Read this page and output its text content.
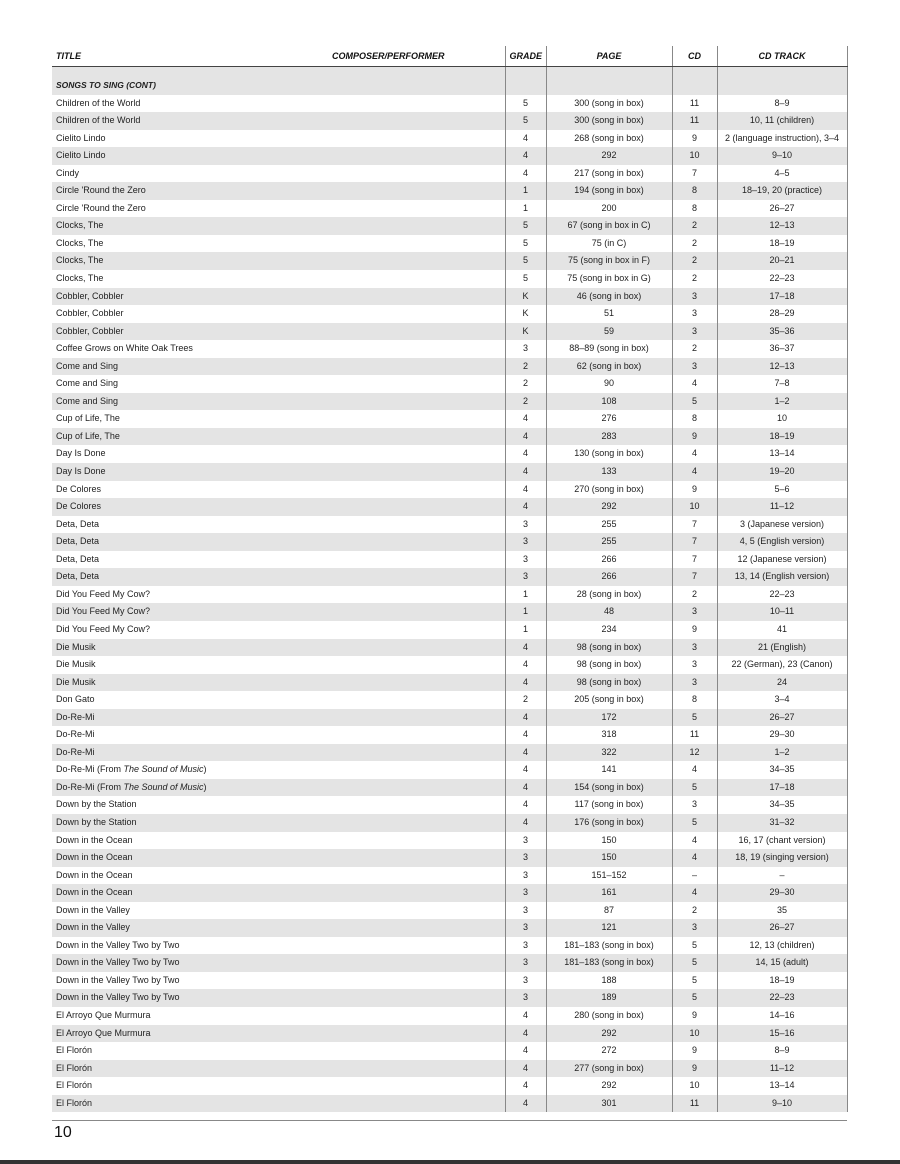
TITLE COMPOSER/PERFORMER	GRADE	PAGE	CD	CD TRACK

SONGS TO SING (CONT)				
Children of the World	5	300 (song in box)	11	8–9
Children of the World	5	300 (song in box)	11	10, 11 (children)
Cielito Lindo	4	268 (song in box)	9	2 (language instruction), 3–4
Cielito Lindo	4	292	10	9–10
Cindy	4	217 (song in box)	7	4–5
Circle 'Round the Zero	1	194 (song in box)	8	18–19, 20 (practice)
Circle 'Round the Zero	1	200	8	26–27
Clocks, The	5	67 (song in box in C)	2	12–13
Clocks, The	5	75 (in C)	2	18–19
Clocks, The	5	75 (song in box in F)	2	20–21
Clocks, The	5	75 (song in box in G)	2	22–23
Cobbler, Cobbler	K	46 (song in box)	3	17–18
Cobbler, Cobbler	K	51	3	28–29
Cobbler, Cobbler	K	59	3	35–36
Coffee Grows on White Oak Trees	3	88–89 (song in box)	2	36–37
Come and Sing	2	62 (song in box)	3	12–13
Come and Sing	2	90	4	7–8
Come and Sing	2	108	5	1–2
Cup of Life, The	4	276	8	10
Cup of Life, The	4	283	9	18–19
Day Is Done	4	130 (song in box)	4	13–14
Day Is Done	4	133	4	19–20
De Colores	4	270 (song in box)	9	5–6
De Colores	4	292	10	11–12
Deta, Deta	3	255	7	3 (Japanese version)
Deta, Deta	3	255	7	4, 5 (English version)
Deta, Deta	3	266	7	12 (Japanese version)
Deta, Deta	3	266	7	13, 14 (English version)
Did You Feed My Cow?	1	28 (song in box)	2	22–23
Did You Feed My Cow?	1	48	3	10–11
Did You Feed My Cow?	1	234	9	41
Die Musik	4	98 (song in box)	3	21 (English)
Die Musik	4	98 (song in box)	3	22 (German), 23 (Canon)
Die Musik	4	98 (song in box)	3	24
Don Gato	2	205 (song in box)	8	3–4
Do-Re-Mi	4	172	5	26–27
Do-Re-Mi	4	318	11	29–30
Do-Re-Mi	4	322	12	1–2
Do-Re-Mi (From The Sound of Music)	4	141	4	34–35
Do-Re-Mi (From The Sound of Music)	4	154 (song in box)	5	17–18
Down by the Station	4	117 (song in box)	3	34–35
Down by the Station	4	176 (song in box)	5	31–32
Down in the Ocean	3	150	4	16, 17 (chant version)
Down in the Ocean	3	150	4	18, 19 (singing version)
Down in the Ocean	3	151–152	–	–
Down in the Ocean	3	161	4	29–30
Down in the Valley	3	87	2	35
Down in the Valley	3	121	3	26–27
Down in the Valley Two by Two	3	181–183 (song in box)	5	12, 13 (children)
Down in the Valley Two by Two	3	181–183 (song in box)	5	14, 15 (adult)
Down in the Valley Two by Two	3	188	5	18–19
Down in the Valley Two by Two	3	189	5	22–23
El Arroyo Que Murmura	4	280 (song in box)	9	14–16
El Arroyo Que Murmura	4	292	10	15–16
El Florón	4	272	9	8–9
El Florón	4	277 (song in box)	9	11–12
El Florón	4	292	10	13–14
El Florón	4	301	11	9–10
10
